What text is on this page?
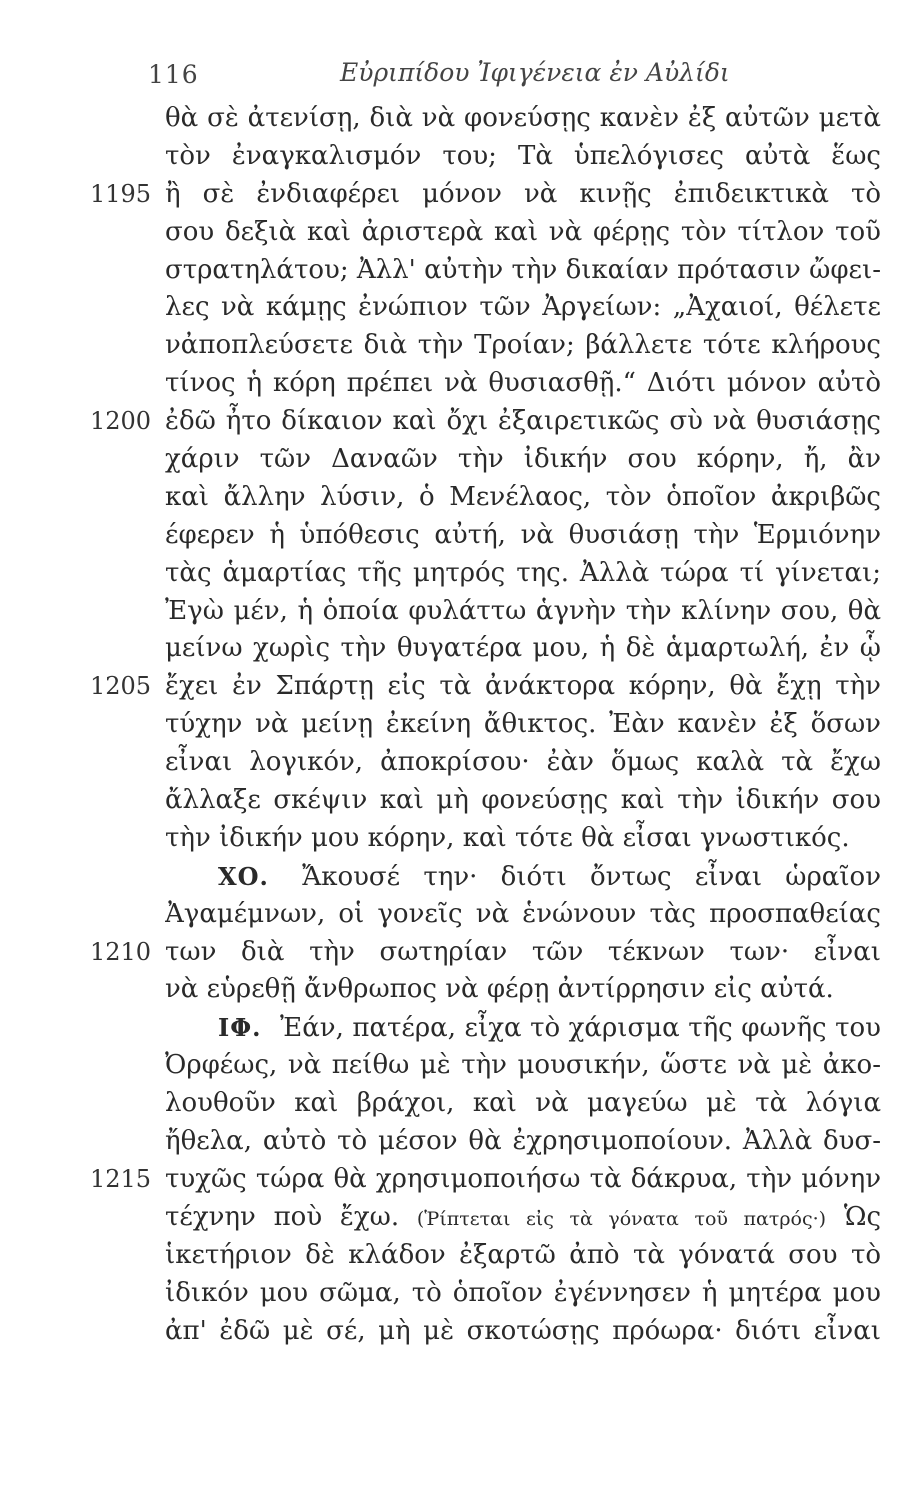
116	Εὐριπίδου Ἰφιγένεια ἐν Αὐλίδι
θὰ σὲ ἀτενίσῃ, διὰ νὰ φονεύσῃς κανὲν ἐξ αὐτῶν μετὰ
τὸν ἐναγκαλισμόν του; Τὰ ὑπελόγισες αὐτὰ ἕως
1195 ἢ σὲ ἐνδιαφέρει μόνον νὰ κινῇς ἐπιδεικτικὰ τὸ
σου δεξιὰ καὶ ἀριστερὰ καὶ νὰ φέρῃς τὸν τίτλον τοῦ
στρατηλάτου; Ἀλλ' αὐτὴν τὴν δικαίαν πρότασιν ὤφει-
λες νὰ κάμῃς ἐνώπιον τῶν Ἀργείων: „Ἀχαιοί, θέλετε
νἀποπλεύσετε διὰ τὴν Τροίαν; βάλλετε τότε κλήρους
τίνος ἡ κόρη πρέπει νὰ θυσιασθῇ.“ Διότι μόνον αὐτὸ
1200 ἐδῶ ἦτο δίκαιον καὶ ὄχι ἐξαιρετικῶς σὺ νὰ θυσιάσῃς
χάριν τῶν Δαναῶν τὴν ἰδικήν σου κόρην, ἤ, ἂν
καὶ ἄλλην λύσιν, ὁ Μενέλαος, τὸν ὁποῖον ἀκριβῶς
έφερεν ἡ ὑπόθεσις αὐτή, νὰ θυσιάσῃ τὴν Ἑρμιόνην
τὰς ἁμαρτίας τῆς μητρός της. Ἀλλὰ τώρα τί γίνεται;
Ἐγὼ μέν, ἡ ὁποία φυλάττω ἁγνὴν τὴν κλίνην σου, θὰ
μείνω χωρὶς τὴν θυγατέρα μου, ἡ δὲ ἁμαρτωλή, ἐν ᾧ
1205 ἔχει ἐν Σπάρτῃ εἰς τὰ ἀνάκτορα κόρην, θὰ ἔχῃ τὴν
τύχην νὰ μείνῃ ἐκείνη ἄθικτος. Ἐὰν κανὲν ἐξ ὅσων
εἶναι λογικόν, ἀποκρίσου· ἐὰν ὅμως καλὰ τὰ ἔχω
ἄλλαξε σκέψιν καὶ μὴ φονεύσῃς καὶ τὴν ἰδικήν σου
τὴν ἰδικήν μου κόρην, καὶ τότε θὰ εἶσαι γνωστικός.
ΧΟ. Ἄκουσέ την· διότι ὄντως εἶναι ὡραῖον
Ἀγαμέμνων, οἱ γονεῖς νὰ ἑνώνουν τὰς προσπαθείας
1210 των διὰ τὴν σωτηρίαν τῶν τέκνων των· εἶναι
νὰ εὑρεθῇ ἄνθρωπος νὰ φέρῃ ἀντίρρησιν εἰς αὐτά.
ΙΦ. Ἐάν, πατέρα, εἶχα τὸ χάρισμα τῆς φωνῆς του
Ὀρφέως, νὰ πείθω μὲ τὴν μουσικήν, ὥστε νὰ μὲ ἀκο-
λουθοῦν καὶ βράχοι, καὶ νὰ μαγεύω μὲ τὰ λόγια
ἤθελα, αὐτὸ τὸ μέσον θὰ ἐχρησιμοποίουν. Ἀλλὰ δυσ-
1215 τυχῶς τώρα θὰ χρησιμοποιήσω τὰ δάκρυα, τὴν μόνην
τέχνην ποὺ ἔχω. (Ῥίπτεται εἰς τὰ γόνατα τοῦ πατρός·) Ὡς
ἱκετήριον δὲ κλάδον ἐξαρτῶ ἀπὸ τὰ γόνατά σου τὸ
ἰδικόν μου σῶμα, τὸ ὁποῖον ἐγέννησεν ἡ μητέρα μου
ἀπ' ἐδῶ μὲ σέ, μὴ μὲ σκοτώσῃς πρόωρα· διότι εἶναι
